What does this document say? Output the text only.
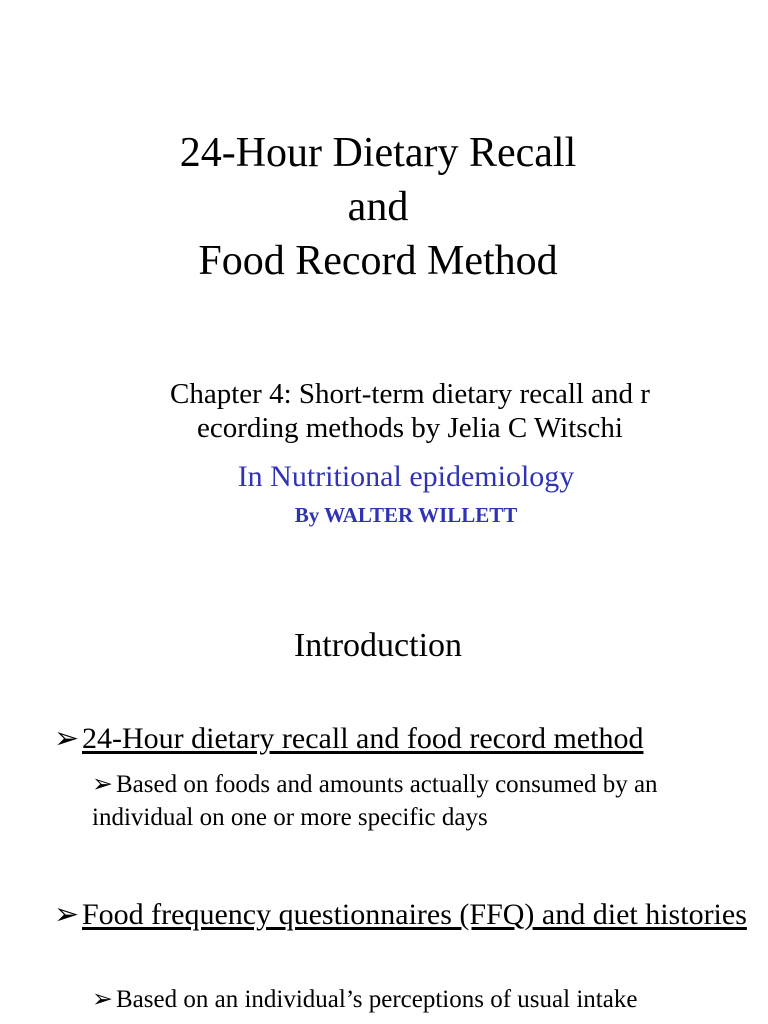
24-Hour Dietary Recall
and
Food Record Method
Chapter 4: Short-term dietary recall and r
ecording methods by Jelia C Witschi
In Nutritional epidemiology
By WALTER WILLETT
Introduction
➢ 24-Hour dietary recall and food record method
➢ Based on foods and amounts actually consumed by an individual on one or more specific days
➢ Food frequency questionnaires (FFQ) and diet histories
➢ Based on an individual’s perceptions of usual intake
